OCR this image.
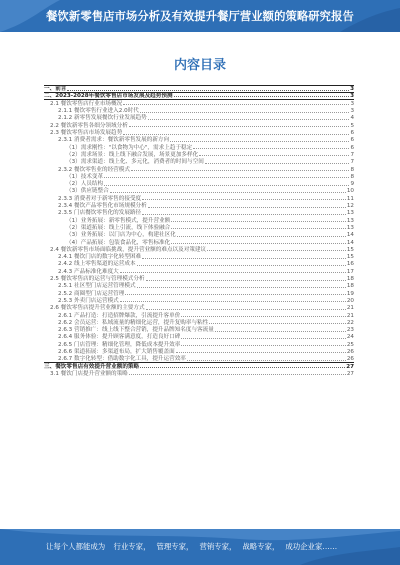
餐饮新零售店市场分析及有效提升餐厅营业额的策略研究报告
内容目录
一、前言	3
二、2023-2028年餐饮零售店市场发展及趋势预测	3
2.1 餐饮零售店行业市场概况	3
2.1.1 餐饮零售行业进入2.0时代	3
2.1.2 新零售发展餐饮行业发展趋势	4
2.2 餐饮新零售各细分领域分析	5
2.3 餐饮零售店市场发展趋势	6
2.3.1 消费者需求：餐饮新零售发展的新方向	6
（1）需求刚性："以食物为中心"，需求上趋于稳定	6
（2）需求场景：线上线下融合发展，场景更加多样化	7
（3）需求渠道：线上化、多元化，消费者的时间与空间	7
2.3.2 餐饮零售业的经营模式	8
（1）技术变革	8
（2）人员结构	9
（3）供应链整合	10
2.3.3 消费者对于新零售的接受度	11
2.3.4 餐饮产品零售化市场规模分析	12
2.3.5 门店餐饮零售化的发展路径	13
（1）业务拓展：新零售模式，提升营业额	13
（2）渠道拓展：线上引流，线下体验融合	13
（3）业务拓展：以门店为中心，构建社区化	14
（4）产品拓展：包装食品化，零售标准化	14
2.4 餐饮新零售市场面临挑战，提升营业额的难点以及对策建议	15
2.4.1 餐饮门店的数字化转型困难	15
2.4.2 线上零售渠道的运营成本	16
2.4.3 产品标准化难度大	17
2.5 餐饮零售店的运营与管理模式分析	18
2.5.1 社区型门店运营管理模式	18
2.5.2 商圈型门店运营管理	19
2.5.3 外卖门店运营模式	20
2.6 餐饮零售店提升营业额的主要方式	21
2.6.1 产品打造：打造招牌爆款，引流提升客单价	21
2.6.2 会员运营：私域流量的精细化运营，提升复购率与粘性	22
2.6.3 营销推广：线上线下整合营销，提升品牌知名度与客流量	23
2.6.4 服务体验：提升顾客满意度，打造良好口碑	24
2.6.5 门店管理：精细化管理，降低成本提升效率	25
2.6.6 渠道拓展：多渠道布局，扩大销售覆盖面	26
2.6.7 数字化转型：借助数字化工具，提升运营效率	26
三、餐饮零售店有效提升营业额的策略	27
3.1 餐饮门店提升营业额的策略	27
让每个人都能成为 行业专家， 管理专家， 营销专家， 战略专家， 成功企业家……
